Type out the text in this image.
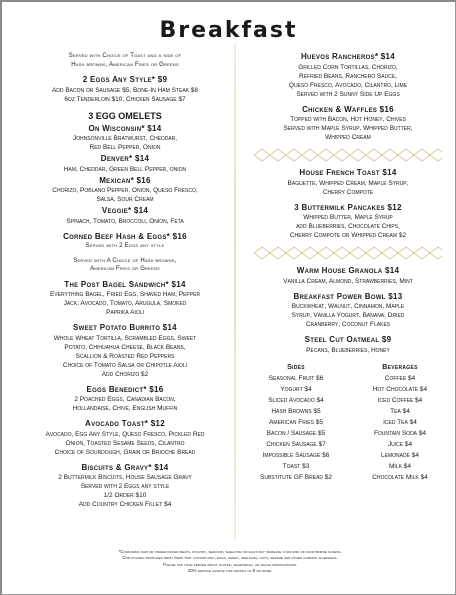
Breakfast
Served with Choice of Toast and a side of
Hash browns, American Fries or Greens
2 Eggs Any Style* $9
Add Bacon or Sausage $5, Bone-In Ham Steak $8
6oz Tenderloin $10, Chicken Sausage $7
3 EGG OMELETS
On Wisconsin* $14
Johnsonville Bratwurst, Cheddar,
Red Bell Pepper, Onion
Denver* $14
Ham, Cheddar, Green Bell Pepper, onion
Mexican* $16
Chorizo, Poblano Pepper, Onion, Queso Fresco,
Salsa, Sour Cream
Veggie* $14
Spinach, Tomato, Broccoli, Onion, Feta
Corned Beef Hash & Eggs* $16
Served with 2 Eggs any style
Served with A Choice of Hash browns,
American Fries or Greens
The Post Bagel Sandwich* $14
Everything Bagel, Fried Egg, Shaved Ham, Pepper
Jack, Avocado, Tomato, Arugula, Smoked
Paprika Aioli
Sweet Potato Burrito $14
Whole Wheat Tortilla, Scrambled Eggs, Sweet
Potato, Chihuahua Cheese, Black Beans,
Scallion & Roasted Red Peppers
Choice of Tomato Salsa or Chipotle Aioli
Add Chorizo $2
Eggs Benedict* $16
2 Poached Eggs, Canadian Bacon,
Hollandaise, Chive, English Muffin
Avocado Toast* $12
Avocado, Egg Any Style, Queso Fresco, Pickled Red
Onion, Toasted Sesame Seeds, Cilantro
Choice of Sourdough, Grain or Brioche Bread
Biscuits & Gravy* $14
2 Buttermilk Biscuits, House Sausage Gravy
Served with 2 Eggs any style
1/2 Order $10
Add Country Chicken Fillet $4
Huevos Rancheros* $14
Grilled Corn Tortillas, Chorizo,
Refried Beans, Ranchero Sauce,
Queso Fresco, Avocado, Cilantro, Lime
Served with 2 Sunny Side Up Eggs
Chicken & Waffles $16
Topped with Bacon, Hot Honey, Chives
Served with Maple Syrup, Whipped Butter,
Whipped Cream
House French Toast $14
Baguette, Whipped Cream, Maple Syrup,
Cherry Compote
3 Buttermilk Pancakes $12
Whipped Butter, Maple Syrup
add Blueberries, Chocolate Chips,
Cherry Compote or Whipped Cream $2
Warm House Granola $14
Vanilla Cream, Almond, Strawberries, Mint
Breakfast Power Bowl $13
Buckwheat, Walnut, Cinnamon, Maple
Syrup, Vanilla Yogurt, Banana, Dried
Cranberry, Coconut Flakes
Steel Cut Oatmeal $9
Pecans, Blueberries, Honey
Sides
Seasonal Fruit $6
Yogurt $4
Sliced Avocado $4
Hash Browns $5
American Fries $5
Bacon / Sausage $5
Chicken Sausage $7
Impossible Sausage $6
Toast $3
Substitute GF Bread $2
Beverages
Coffee $4
Hot Chocolate $4
Iced Coffee $4
Tea $4
Iced Tea $4
Fountain Soda $4
Juice $4
Lemonade $4
Milk $4
Chocolate Milk $4
*Consuming raw or undercooked meats, poultry, seafood, shellfish or eggs may increase your risk of food-borne illness.
Our kitchen produces menu items that contain milk, eggs, wheat, shellfish, nuts, sesame and other common allergens.
Please ask your server about gluten, vegetarian, or vegan modifications.
20% service charge for parties of 8 or more.
